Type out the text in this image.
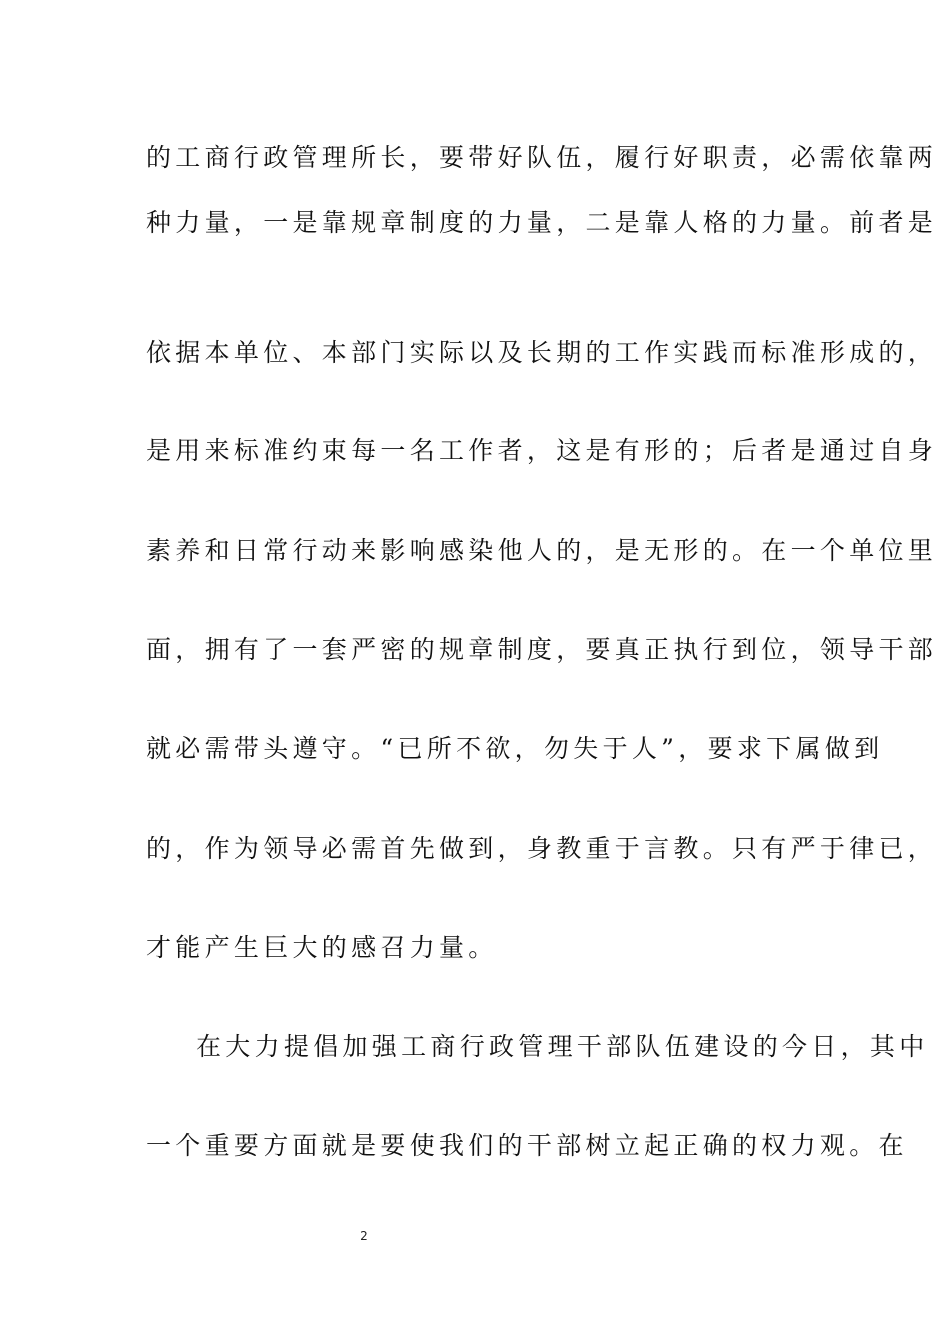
的工商行政管理所长，要带好队伍，履行好职责，必需依靠两
种力量，一是靠规章制度的力量，二是靠人格的力量。前者是
依据本单位、本部门实际以及长期的工作实践而标准形成的，
是用来标准约束每一名工作者，这是有形的；后者是通过自身
素养和日常行动来影响感染他人的，是无形的。在一个单位里
面，拥有了一套严密的规章制度，要真正执行到位，领导干部
就必需带头遵守。“已所不欲，勿失于人”，要求下属做到
的，作为领导必需首先做到，身教重于言教。只有严于律已，
才能产生巨大的感召力量。
在大力提倡加强工商行政管理干部队伍建设的今日，其中
一个重要方面就是要使我们的干部树立起正确的权力观。在
2
